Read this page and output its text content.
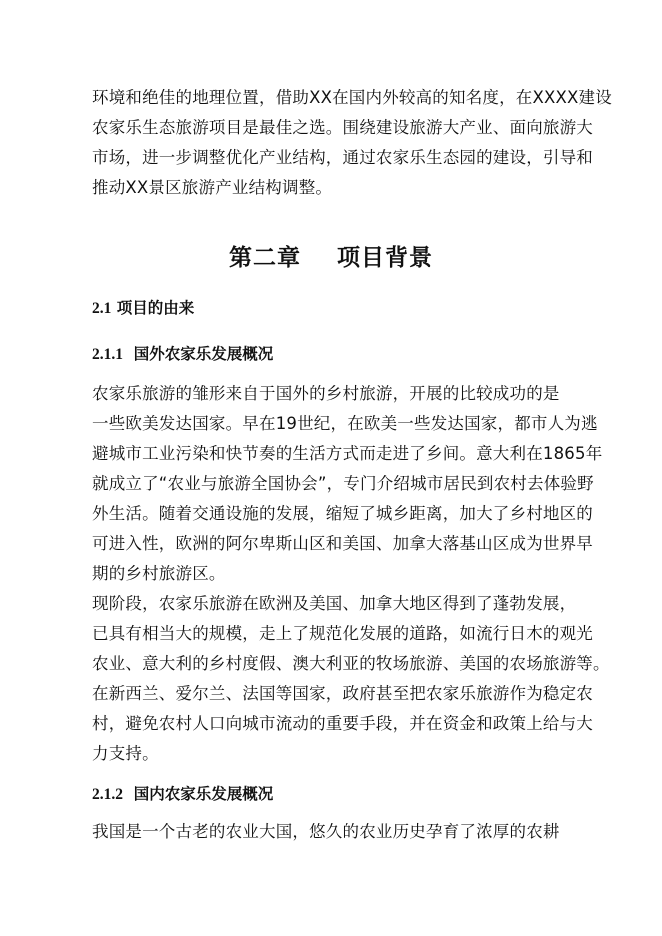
环境和绝佳的地理位置，借助XX在国内外较高的知名度，在XXXX建设

农家乐生态旅游项目是最佳之选。围绕建设旅游大产业、面向旅游大

市场，进一步调整优化产业结构，通过农家乐生态园的建设，引导和

推动XX景区旅游产业结构调整。

第二章    项目背景
2.1 项目的由来
2.1.1 国外农家乐发展概况

农家乐旅游的雏形来自于国外的乡村旅游，开展的比较成功的是

一些欧美发达国家。早在19世纪，在欧美一些发达国家，都市人为逃

避城市工业污染和快节奏的生活方式而走进了乡间。意大利在1865年

就成立了“农业与旅游全国协会”，专门介绍城市居民到农村去体验野

外生活。随着交通设施的发展，缩短了城乡距离，加大了乡村地区的

可进入性，欧洲的阿尔卑斯山区和美国、加拿大落基山区成为世界早

期的乡村旅游区。

现阶段，农家乐旅游在欧洲及美国、加拿大地区得到了蓬勃发展，

已具有相当大的规模，走上了规范化发展的道路，如流行日木的观光

农业、意大利的乡村度假、澳大利亚的牧场旅游、美国的农场旅游等。

在新西兰、爱尔兰、法国等国家，政府甚至把农家乐旅游作为稳定农

村，避免农村人口向城市流动的重要手段，并在资金和政策上给与大

力支持。

2.1.2 国内农家乐发展概况

我国是一个古老的农业大国，悠久的农业历史孕育了浓厚的农耕
